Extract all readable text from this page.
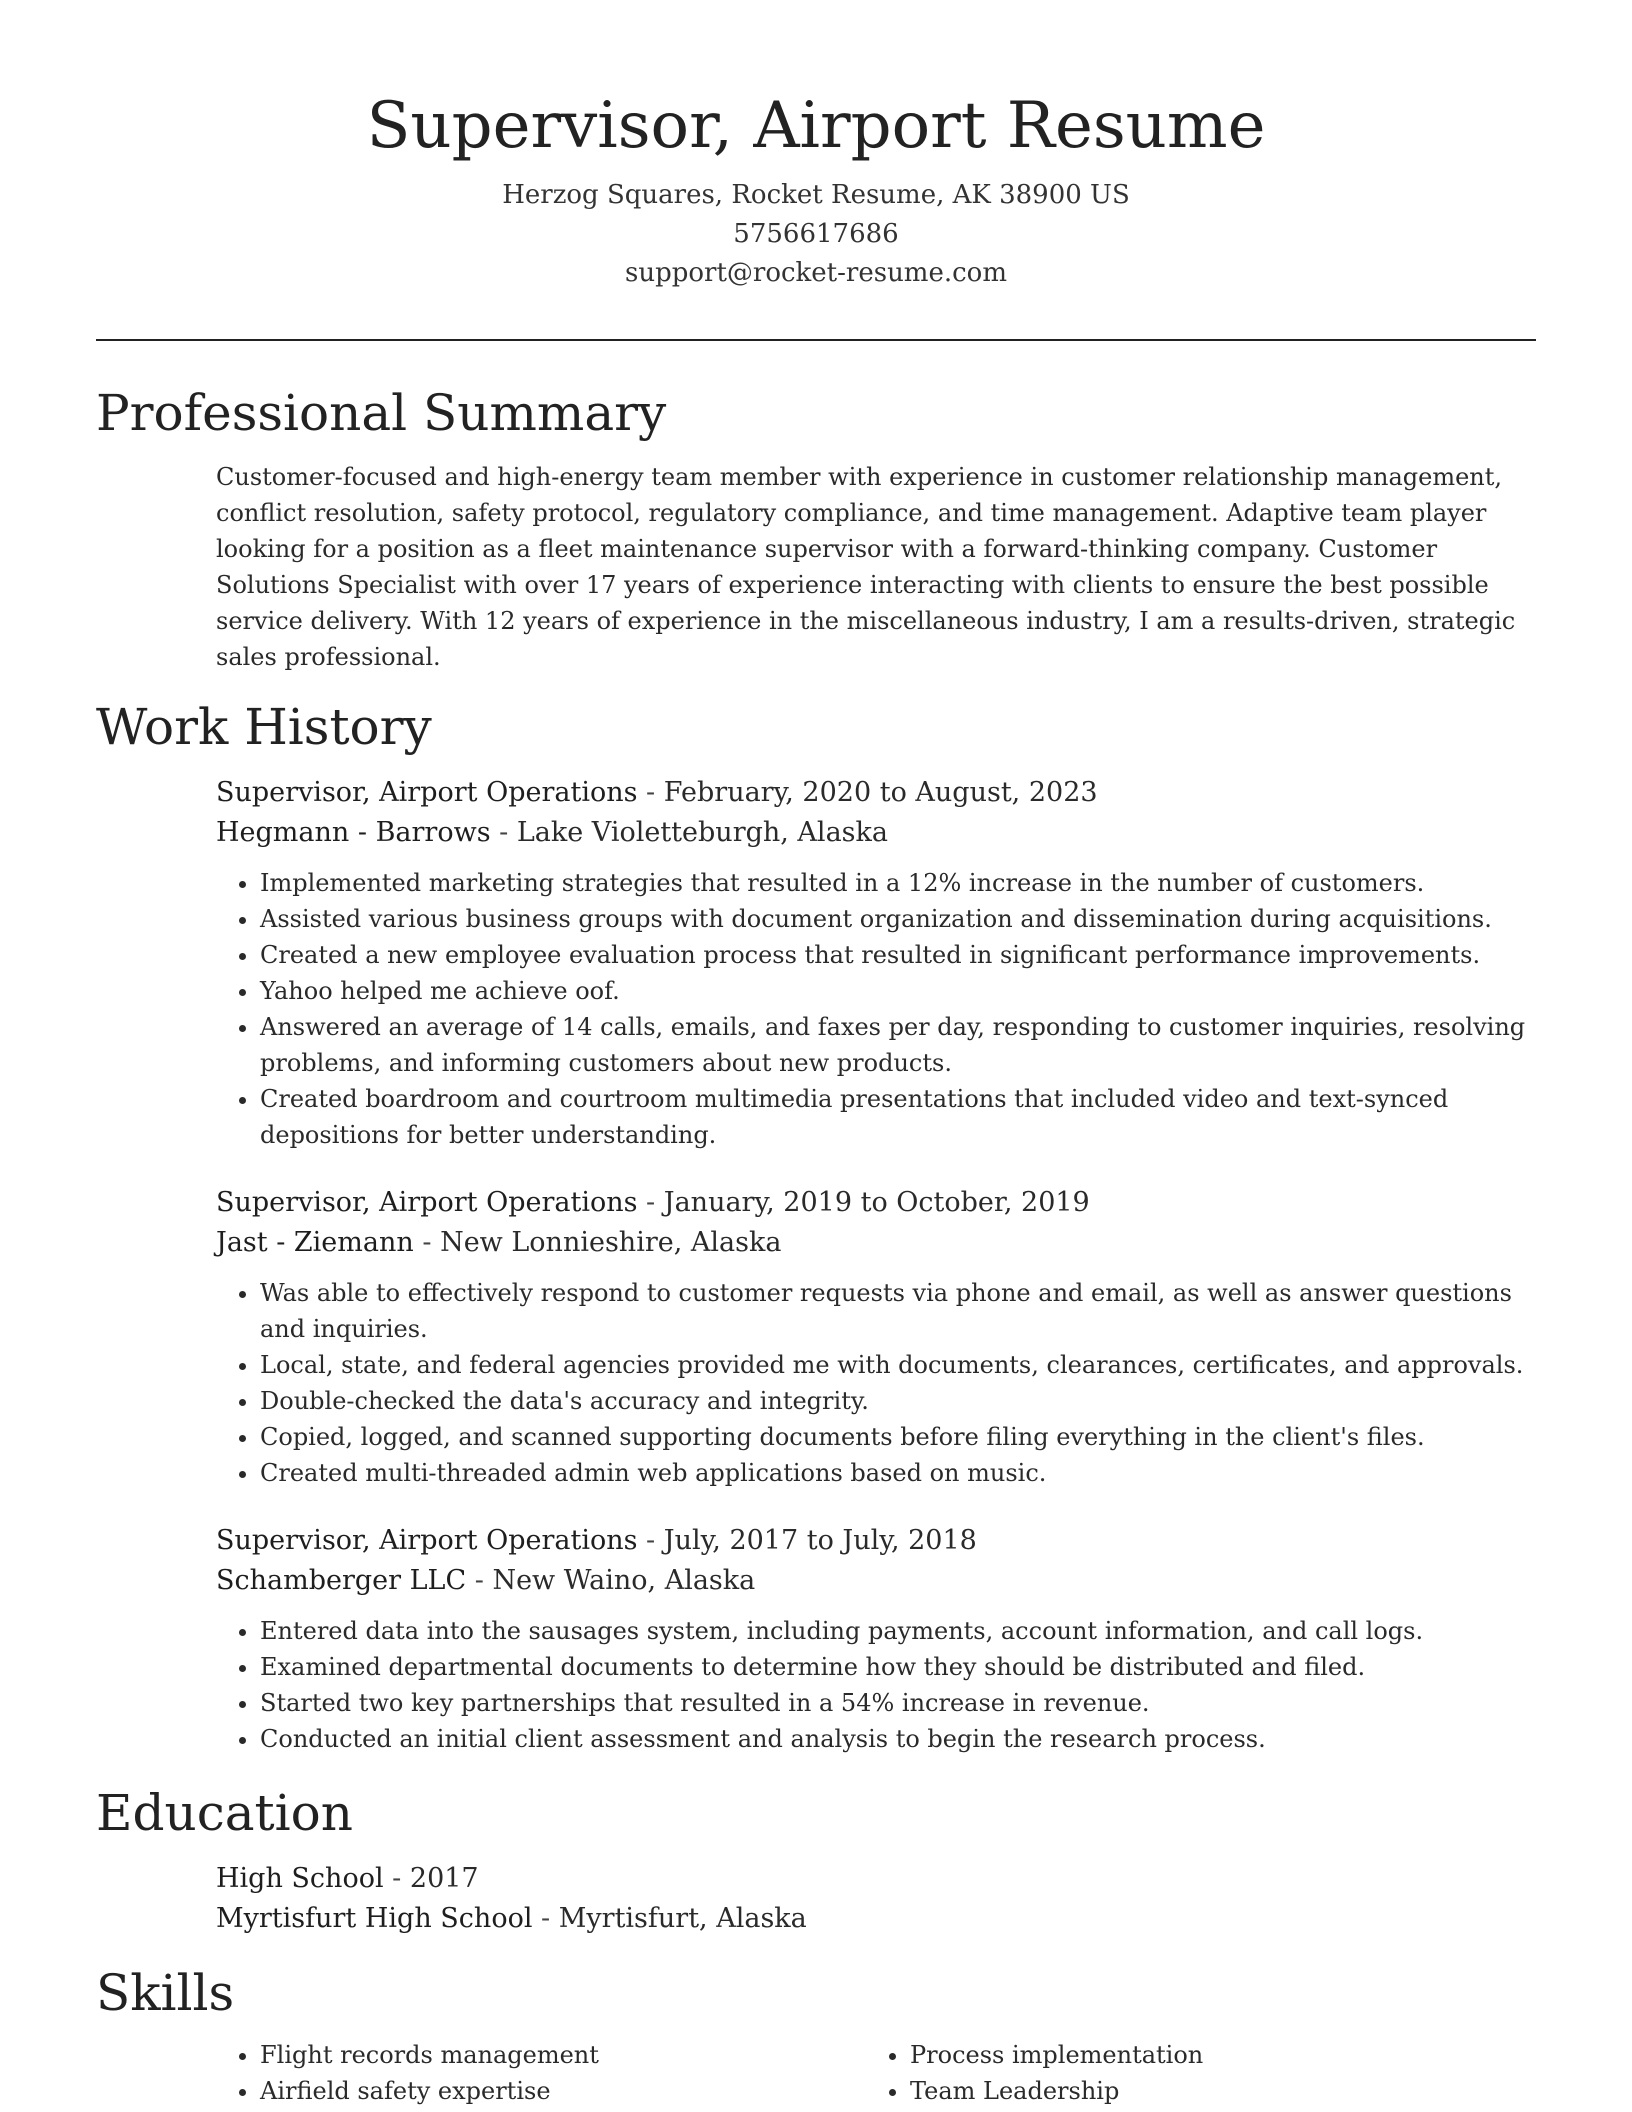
Supervisor, Airport Resume
Herzog Squares, Rocket Resume, AK 38900 US
5756617686
support@rocket-resume.com
Professional Summary
Customer-focused and high-energy team member with experience in customer relationship management, conflict resolution, safety protocol, regulatory compliance, and time management. Adaptive team player looking for a position as a fleet maintenance supervisor with a forward-thinking company. Customer Solutions Specialist with over 17 years of experience interacting with clients to ensure the best possible service delivery. With 12 years of experience in the miscellaneous industry, I am a results-driven, strategic sales professional.
Work History
Supervisor, Airport Operations - February, 2020 to August, 2023
Hegmann - Barrows - Lake Violetteburgh, Alaska
• Implemented marketing strategies that resulted in a 12% increase in the number of customers.
• Assisted various business groups with document organization and dissemination during acquisitions.
• Created a new employee evaluation process that resulted in significant performance improvements.
• Yahoo helped me achieve oof.
• Answered an average of 14 calls, emails, and faxes per day, responding to customer inquiries, resolving problems, and informing customers about new products.
• Created boardroom and courtroom multimedia presentations that included video and text-synced depositions for better understanding.
Supervisor, Airport Operations - January, 2019 to October, 2019
Jast - Ziemann - New Lonnieshire, Alaska
• Was able to effectively respond to customer requests via phone and email, as well as answer questions and inquiries.
• Local, state, and federal agencies provided me with documents, clearances, certificates, and approvals.
• Double-checked the data's accuracy and integrity.
• Copied, logged, and scanned supporting documents before filing everything in the client's files.
• Created multi-threaded admin web applications based on music.
Supervisor, Airport Operations - July, 2017 to July, 2018
Schamberger LLC - New Waino, Alaska
• Entered data into the sausages system, including payments, account information, and call logs.
• Examined departmental documents to determine how they should be distributed and filed.
• Started two key partnerships that resulted in a 54% increase in revenue.
• Conducted an initial client assessment and analysis to begin the research process.
Education
High School - 2017
Myrtisfurt High School - Myrtisfurt, Alaska
Skills
• Flight records management
• Airfield safety expertise
• Process implementation
• Team Leadership
